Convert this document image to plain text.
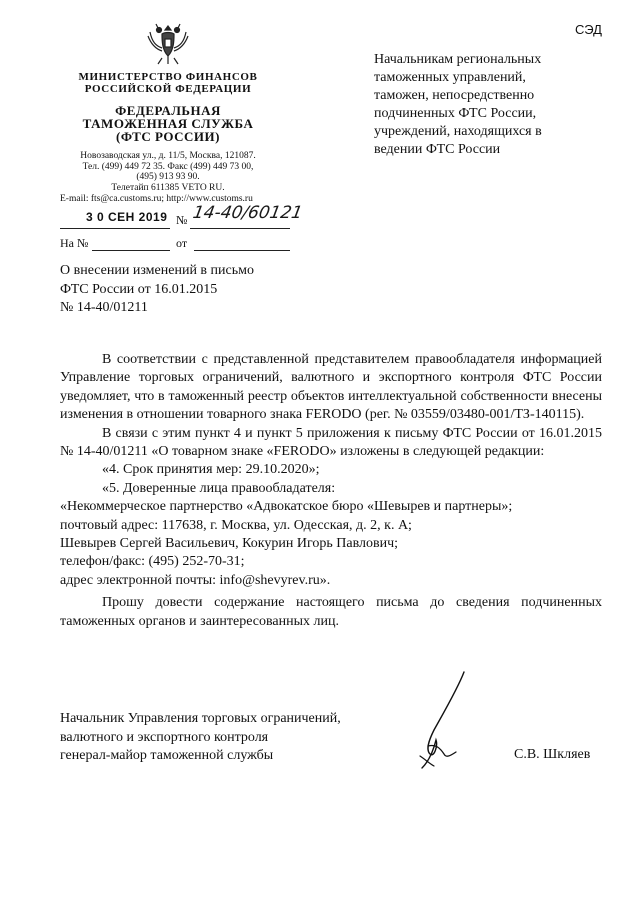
СЭД
МИНИСТЕРСТВО ФИНАНСОВ
РОССИЙСКОЙ ФЕДЕРАЦИИ
ФЕДЕРАЛЬНАЯ
ТАМОЖЕННАЯ СЛУЖБА
(ФТС РОССИИ)
Новозаводская ул., д. 11/5, Москва, 121087.
Тел. (499) 449 72 35. Факс (499) 449 73 00,
(495) 913 93 90.
Телетайп 611385 VETO RU.
E-mail: fts@ca.customs.ru; http://www.customs.ru
3 0 СЕН 2019 № 14-40/60121
На №	от
Начальникам региональных
таможенных управлений,
таможен, непосредственно
подчиненных ФТС России,
учреждений, находящихся в
ведении ФТС России
О внесении изменений в письмо
ФТС России от 16.01.2015
№ 14-40/01211

В соответствии с представленной представителем правообладателя информацией Управление торговых ограничений, валютного и экспортного контроля ФТС России уведомляет, что в таможенный реестр объектов интеллектуальной собственности внесены изменения в отношении товарного знака FERODO (рег. № 03559/03480-001/ТЗ-140115).

В связи с этим пункт 4 и пункт 5 приложения к письму ФТС России от 16.01.2015 № 14-40/01211 «О товарном знаке «FERODO» изложены в следующей редакции:

«4. Срок принятия мер: 29.10.2020»;

«5. Доверенные лица правообладателя:

«Некоммерческое партнерство «Адвокатское бюро «Шевырев и партнеры»;

почтовый адрес: 117638, г. Москва, ул. Одесская, д. 2, к. А;

Шевырев Сергей Васильевич, Кокурин Игорь Павлович;

телефон/факс: (495) 252-70-31;

адрес электронной почты: info@shevyrev.ru».

Прошу довести содержание настоящего письма до сведения подчиненных таможенных органов и заинтересованных лиц.

Начальник Управления торговых ограничений,
валютного и экспортного контроля
генерал-майор таможенной службы	С.В. Шкляев
